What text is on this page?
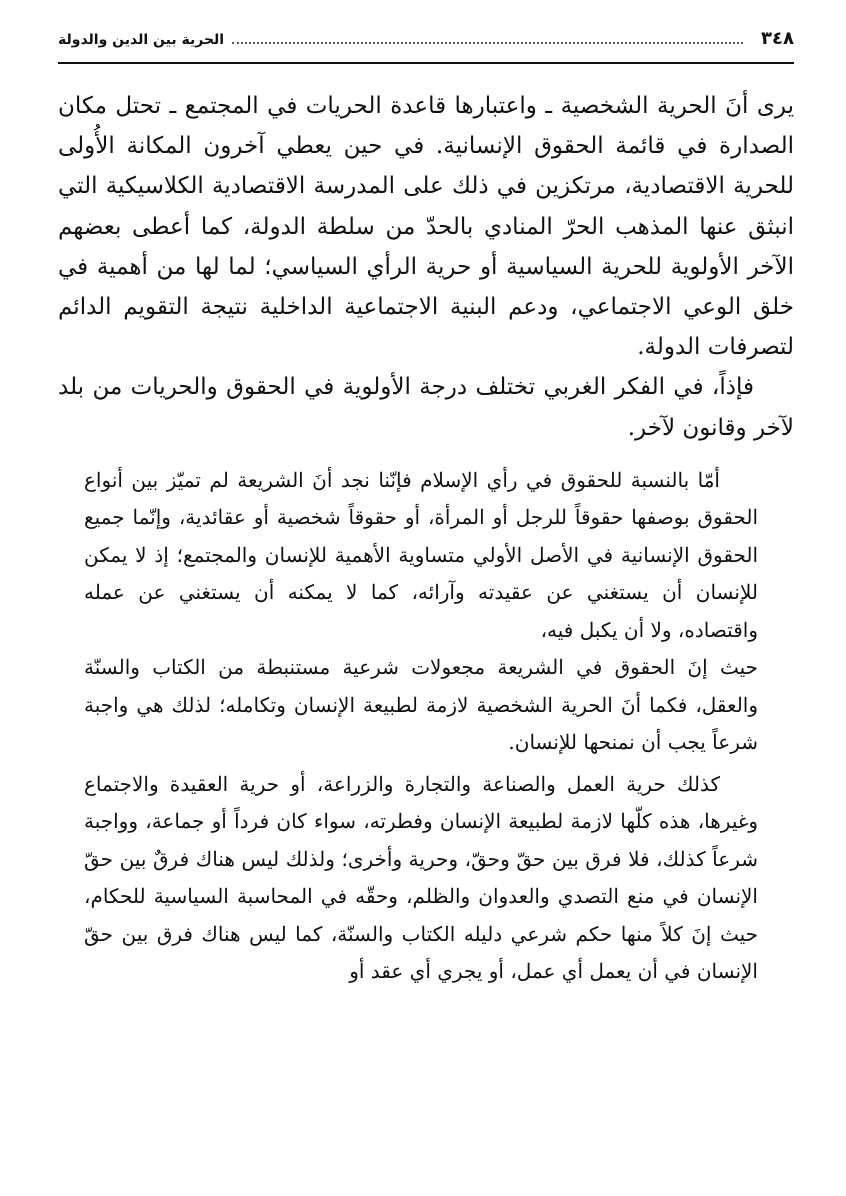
٣٤٨
الحرية بين الدين والدولة

يرى أنَ الحرية الشخصية ـ واعتبارها قاعدة الحريات في المجتمع ـ تحتل مكان الصدارة في قائمة الحقوق الإنسانية. في حين يعطي آخرون المكانة الأُولى للحرية الاقتصادية، مرتكزين في ذلك على المدرسة الاقتصادية الكلاسيكية التي انبثق عنها المذهب الحرّ المنادي بالحدّ من سلطة الدولة، كما أعطى بعضهم الآخر الأولوية للحرية السياسية أو حرية الرأي السياسي؛ لما لها من أهمية في خلق الوعي الاجتماعي، ودعم البنية الاجتماعية الداخلية نتيجة التقويم الدائم لتصرفات الدولة.

فإذاً، في الفكر الغربي تختلف درجة الأولوية في الحقوق والحريات من بلد لآخر وقانون لآخر.

أمّا بالنسبة للحقوق في رأي الإسلام فإنّنا نجد أنَ الشريعة لم تميّز بين أنواع الحقوق بوصفها حقوقاً للرجل أو المرأة، أو حقوقاً شخصية أو عقائدية، وإنّما جميع الحقوق الإنسانية في الأصل الأولي متساوية الأهمية للإنسان والمجتمع؛ إذ لا يمكن للإنسان أن يستغني عن عقيدته وآرائه، كما لا يمكنه أن يستغني عن عمله واقتصاده، ولا أن يكبل فيه،

حيث إنَ الحقوق في الشريعة مجعولات شرعية مستنبطة من الكتاب والسنّة والعقل، فكما أنَ الحرية الشخصية لازمة لطبيعة الإنسان وتكامله؛ لذلك هي واجبة شرعاً يجب أن نمنحها للإنسان.

كذلك حرية العمل والصناعة والتجارة والزراعة، أو حرية العقيدة والاجتماع وغيرها، هذه كلّها لازمة لطبيعة الإنسان وفطرته، سواء كان فرداً أو جماعة، وواجبة شرعاً كذلك، فلا فرق بين حقّ وحقّ، وحرية وأخرى؛ ولذلك ليس هناك فرقٌ بين حقّ الإنسان في منع التصدي والعدوان والظلم، وحقّه في المحاسبة السياسية للحكام، حيث إنَ كلاً منها حكم شرعي دليله الكتاب والسنّة، كما ليس هناك فرق بين حقّ الإنسان في أن يعمل أي عمل، أو يجري أي عقد أو
